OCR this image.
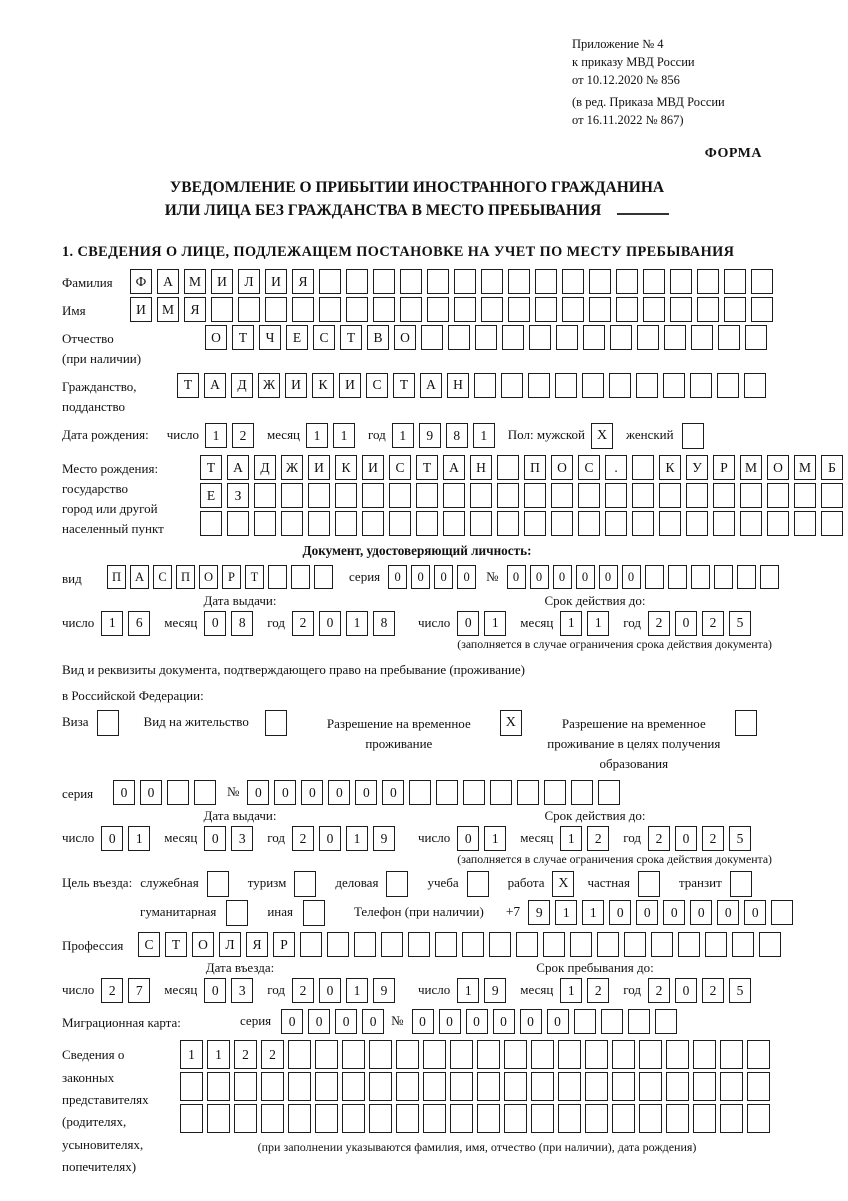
Приложение № 4
к приказу МВД России
от 10.12.2020 № 856
(в ред. Приказа МВД России
от 16.11.2022 № 867)
ФОРМА
УВЕДОМЛЕНИЕ О ПРИБЫТИИ ИНОСТРАННОГО ГРАЖДАНИНА
ИЛИ ЛИЦА БЕЗ ГРАЖДАНСТВА В МЕСТО ПРЕБЫВАНИЯ
1. СВЕДЕНИЯ О ЛИЦЕ, ПОДЛЕЖАЩЕМ ПОСТАНОВКЕ НА УЧЕТ ПО МЕСТУ ПРЕБЫВАНИЯ
Фамилия	Ф	А	М	И	Л	И	Я
Имя	И	М	Я
Отчество
(при наличии)
О	Т	Ч	Е	С	Т	В	О
Гражданство,
подданство
Т	А	Д	Ж	И	К	И	С	Т	А	Н
Дата рождения: число	1	2	месяц	1	1	год	1	9	8	1	Пол: мужской X	женский
Место рождения:
государство
город или другой
населенный пункт
Т	А	Д	Ж	И	К	И	С	Т	А	Н	П	О	С	.	К	У	Р	М	О	М	Б
Е	З
Документ, удостоверяющий личность:
вид	П	А	С	П	О	Р	Т	серия	0	0	0	0	№	0	0	0	0	0	0
Дата выдачи:
число	1	6	месяц	0	8	год	2	0	1	8
Срок действия до:
число	0	1	месяц	1	1	год	2	0	2	5
(заполняется в случае ограничения срока действия документа)
Вид и реквизиты документа, подтверждающего право на пребывание (проживание)
в Российской Федерации:
Виза	Вид на жительство	Разрешение на временное проживание
X	Разрешение на временное проживание в целях получения образования
серия	0	0	№	0	0	0	0	0	0
Дата выдачи:
число	0	1	месяц	0	3	год	2	0	1	9
Срок действия до:
число	0	1	месяц	1	2	год	2	0	2	5
(заполняется в случае ограничения срока действия документа)
Цель въезда: служебная	туризм	деловая	учеба	работа X	частная	транзит
гуманитарная	иная	Телефон (при наличии) +7	9	1	1	0	0	0	0	0	0
Профессия	С	Т	О	Л	Я	Р
Дата въезда:
число	2	7	месяц	0	3	год	2	0	1	9
Срок пребывания до:
число	1	9	месяц	1	2	год	2	0	2	5
Миграционная карта:	серия	0	0	0	0	№	0	0	0	0	0	0
Сведения о
законных
представителях
(родителях,
усыновителях,
попечителях)
1	1	2	2
(при заполнении указываются фамилия, имя, отчество (при наличии), дата рождения)
